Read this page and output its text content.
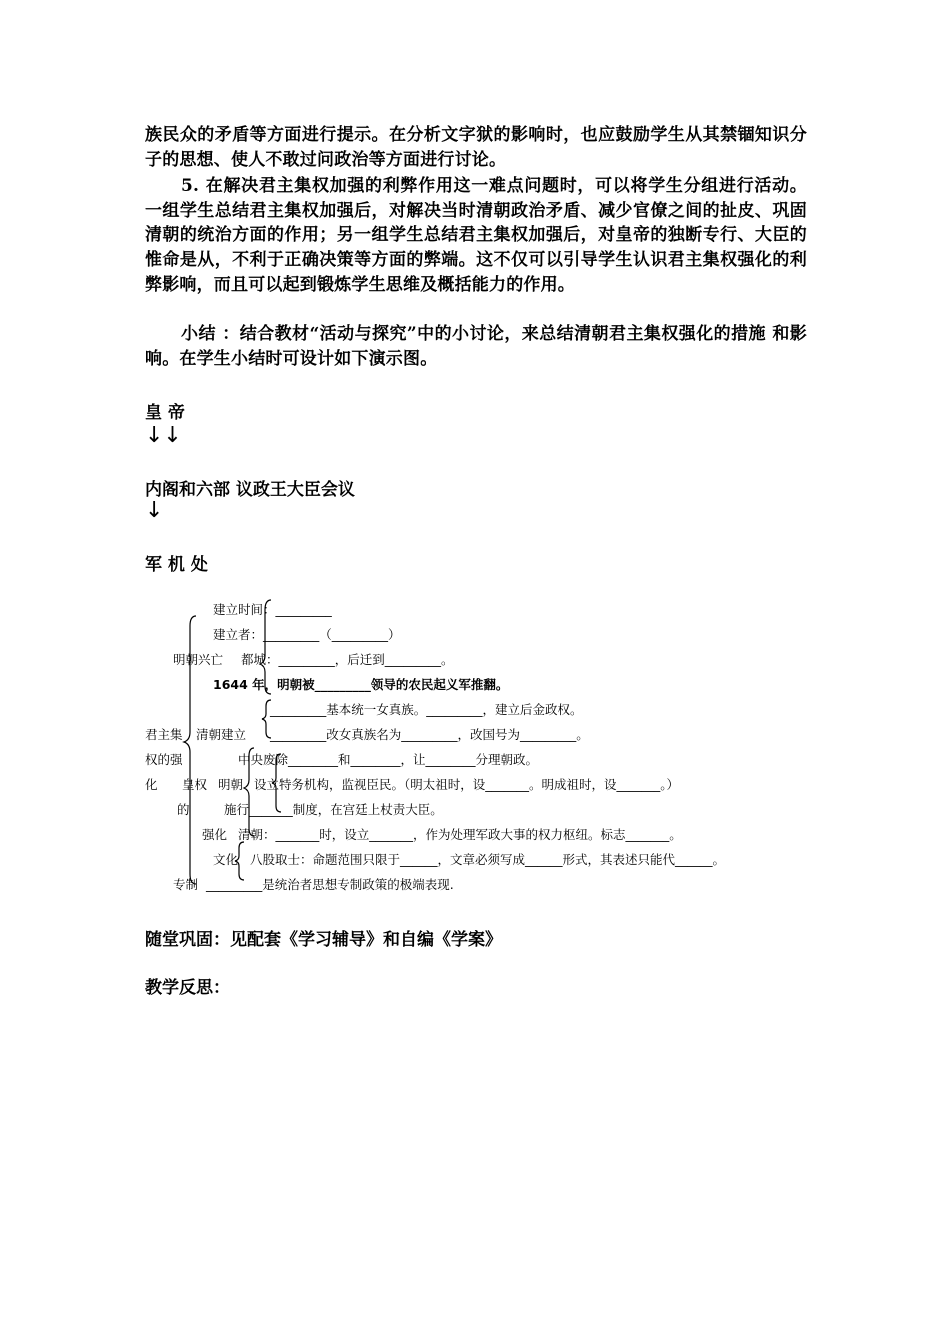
族民众的矛盾等方面进行提示。在分析文字狱的影响时，也应鼓励学生从其禁锢知识分子的思想、使人不敢过问政治等方面进行讨论。
5. 在解决君主集权加强的利弊作用这一难点问题时，可以将学生分组进行活动。一组学生总结君主集权加强后，对解决当时清朝政治矛盾、减少官僚之间的扯皮、巩固清朝的统治方面的作用；另一组学生总结君主集权加强后，对皇帝的独断专行、大臣的惟命是从，不利于正确决策等方面的弊端。这不仅可以引导学生认识君主集权强化的利弊影响，而且可以起到锻炼学生思维及概括能力的作用。
小结 ：结合教材“活动与探究”中的小讨论，来总结清朝君主集权强化的措施 和影响。在学生小结时可设计如下演示图。
皇 帝
↓↓
内阁和六部 议政王大臣会议
↓
军 机 处
建立时间：_________
建立者：_________（_________）
明朝兴亡 都城：_________，后迁到_________。
1644 年，明朝被_________领导的农民起义军推翻。
_________基本统一女真族。_________，建立后金政权。
君主集 清朝建立 _________改女真族名为_________，改国号为_________。
权的强	中央废除________和________，让________分理朝政。
化 皇权 明朝 设立特务机构，监视臣民。（明太祖时，设_______。明成祖时，设_______。）
的	施行_______制度，在宫廷上杖责大臣。
强化 清朝：_______时，设立_______，作为处理军政大事的权力枢纽。标志_______。
文化 八股取士：命题范围只限于______，文章必须写成______形式，其表述只能代______。
专制 _________是统治者思想专制政策的极端表现.
随堂巩固：见配套《学习辅导》和自编《学案》
教学反思：
